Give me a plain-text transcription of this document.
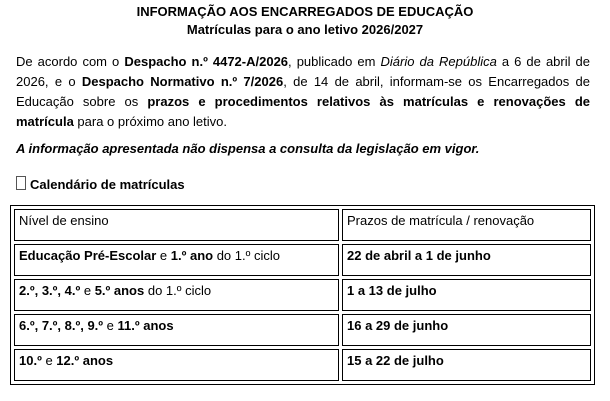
INFORMAÇÃO AOS ENCARREGADOS DE EDUCAÇÃO
Matrículas para o ano letivo 2026/2027
De acordo com o Despacho n.º 4472-A/2026, publicado em Diário da República a 6 de abril de 2026, e o Despacho Normativo n.º 7/2026, de 14 de abril, informam-se os Encarregados de Educação sobre os prazos e procedimentos relativos às matrículas e renovações de matrícula para o próximo ano letivo.
A informação apresentada não dispensa a consulta da legislação em vigor.
Calendário de matrículas
Nível de ensino	Prazos de matrícula / renovação
Educação Pré-Escolar e 1.º ano do 1.º ciclo	22 de abril a 1 de junho
2.º, 3.º, 4.º e 5.º anos do 1.º ciclo	1 a 13 de julho
6.º, 7.º, 8.º, 9.º e 11.º anos	16 a 29 de junho
10.º e 12.º anos	15 a 22 de julho
